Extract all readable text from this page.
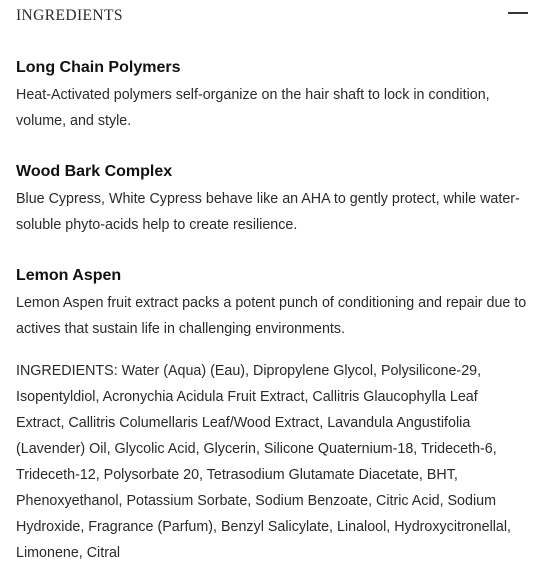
INGREDIENTS
Long Chain Polymers

Heat-Activated polymers self-organize on the hair shaft to lock in condition, volume, and style.

Wood Bark Complex

Blue Cypress, White Cypress behave like an AHA to gently protect, while water-soluble phyto-acids help to create resilience.

Lemon Aspen

Lemon Aspen fruit extract packs a potent punch of conditioning and repair due to actives that sustain life in challenging environments.

INGREDIENTS: Water (Aqua) (Eau), Dipropylene Glycol, Polysilicone-29, Isopentyldiol, Acronychia Acidula Fruit Extract, Callitris Glaucophylla Leaf Extract, Callitris Columellaris Leaf/Wood Extract, Lavandula Angustifolia (Lavender) Oil, Glycolic Acid, Glycerin, Silicone Quaternium-18, Trideceth-6, Trideceth-12, Polysorbate 20, Tetrasodium Glutamate Diacetate, BHT, Phenoxyethanol, Potassium Sorbate, Sodium Benzoate, Citric Acid, Sodium Hydroxide, Fragrance (Parfum), Benzyl Salicylate, Linalool, Hydroxycitronellal, Limonene, Citral
